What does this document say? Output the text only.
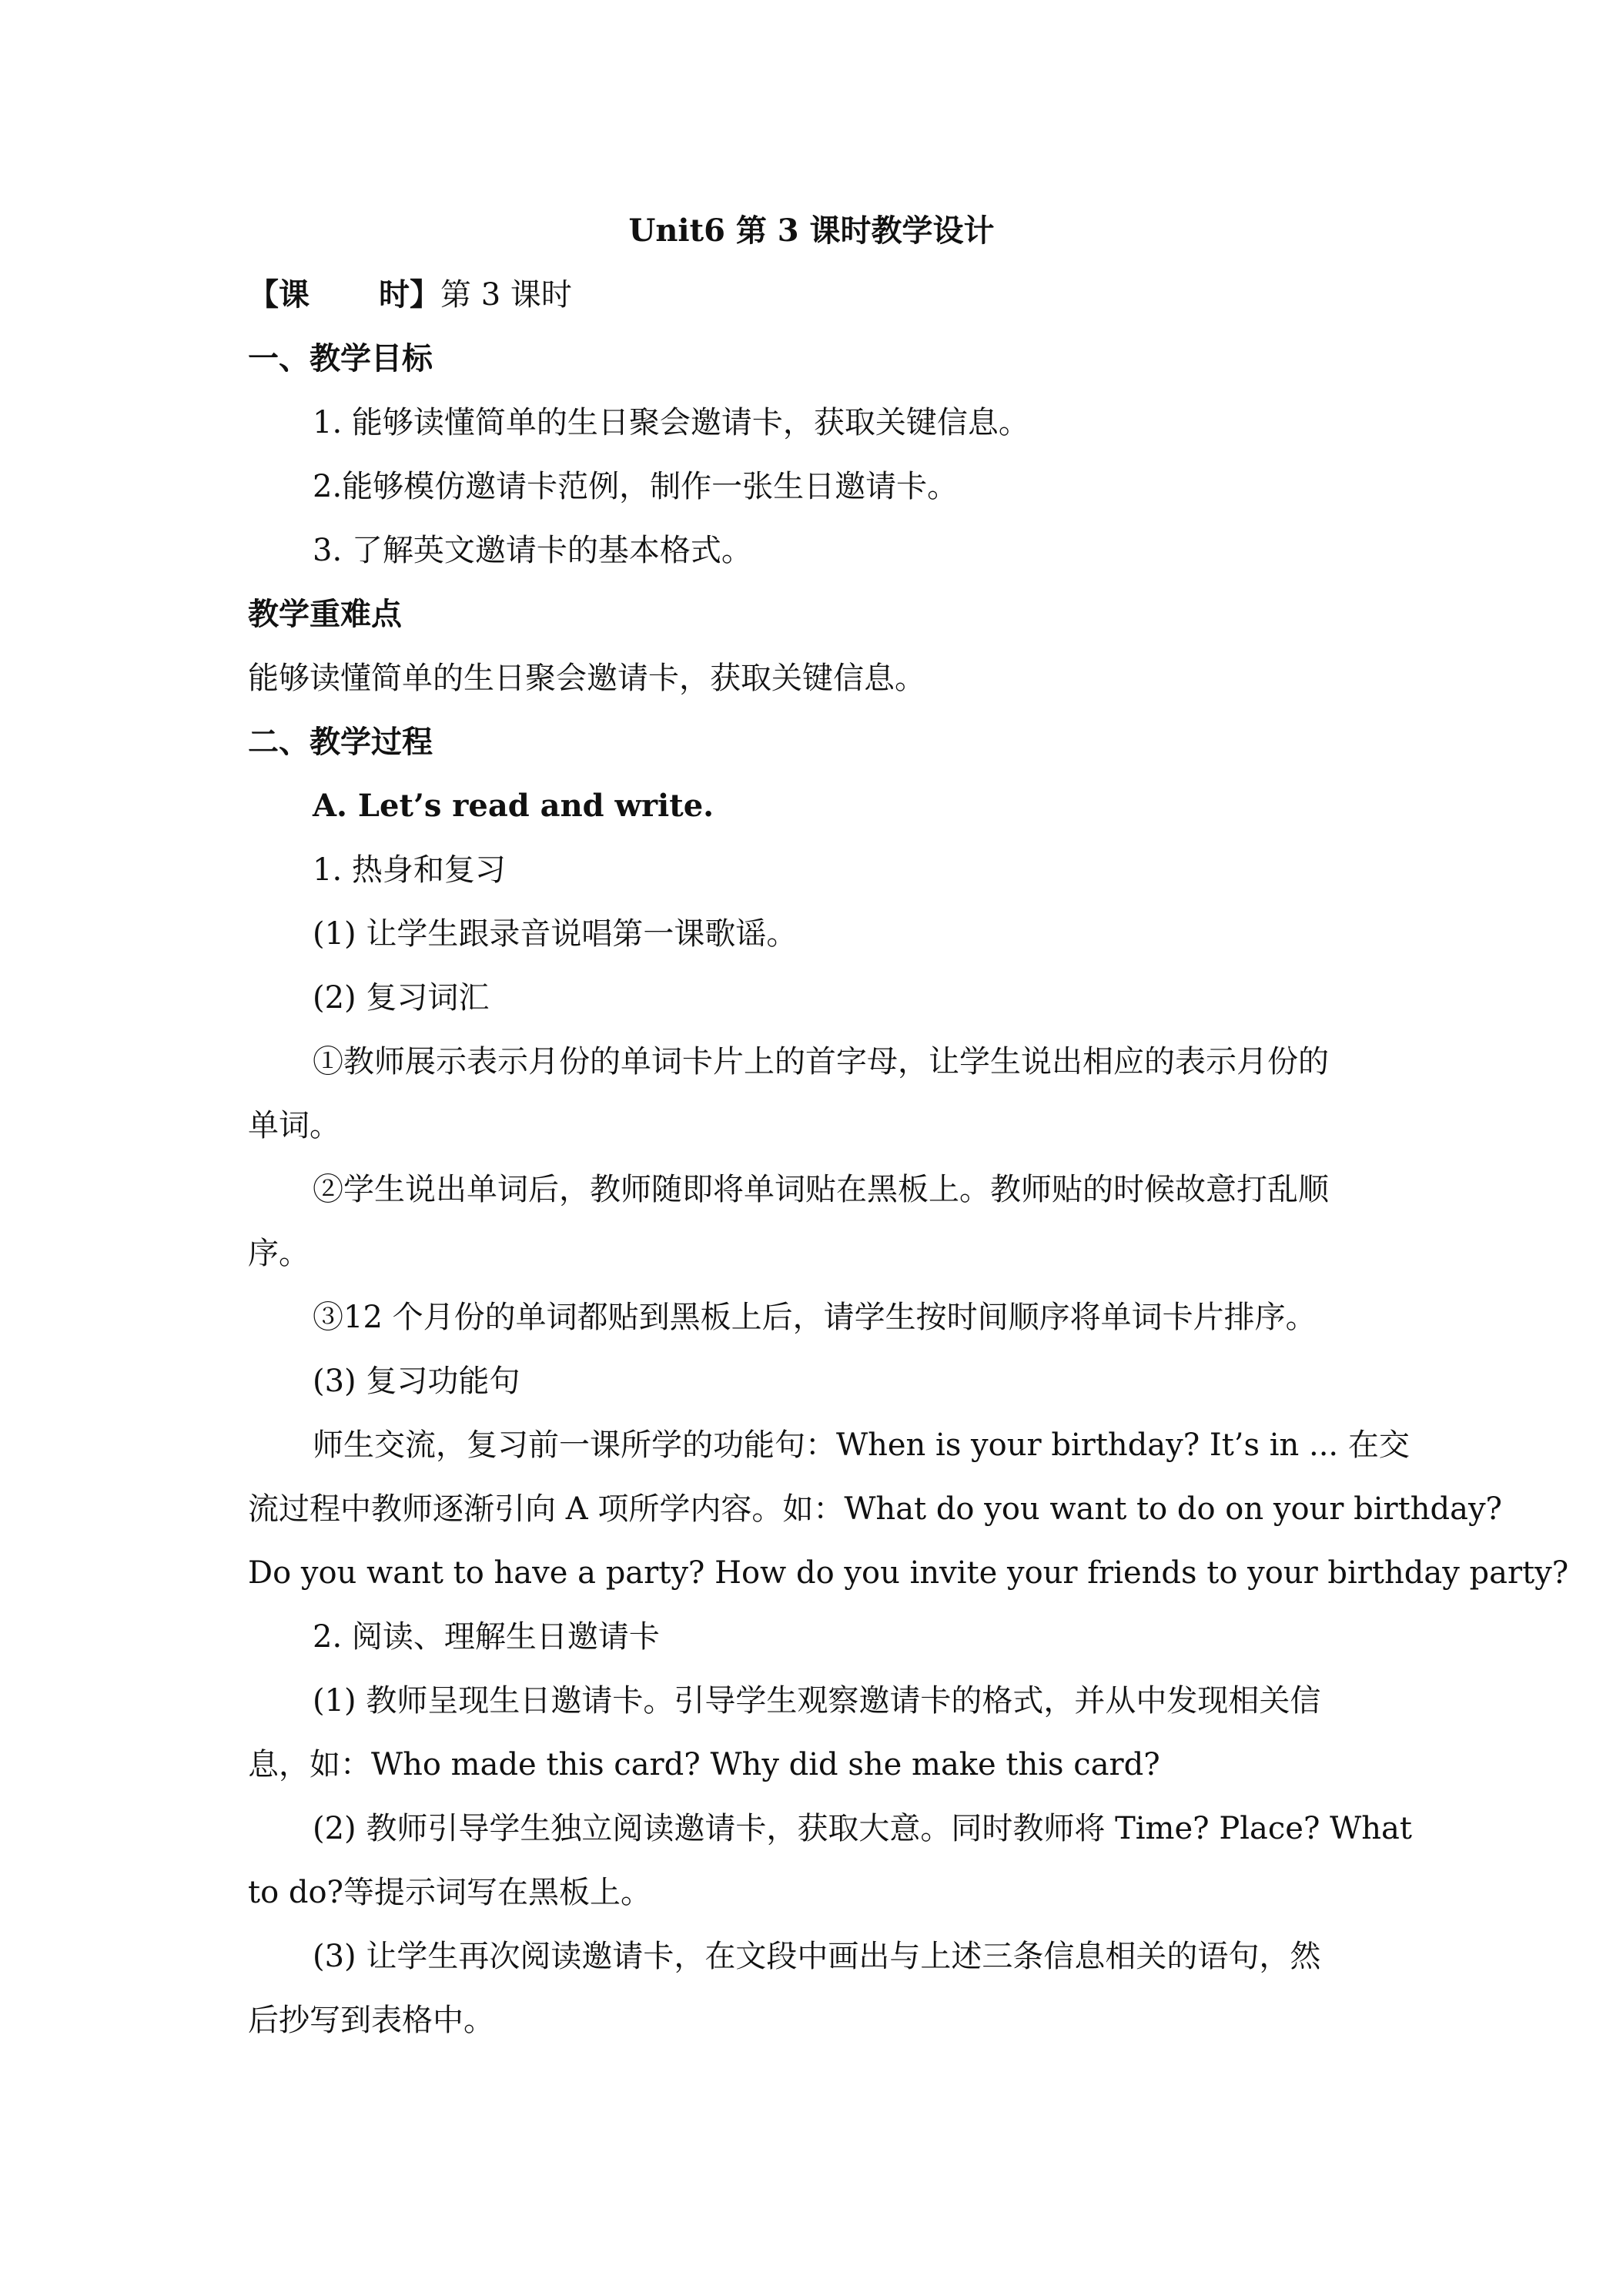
Unit6 第 3 课时教学设计
【课 时】第 3 课时
一、教学目标
1. 能够读懂简单的生日聚会邀请卡，获取关键信息。
2.能够模仿邀请卡范例，制作一张生日邀请卡。
3. 了解英文邀请卡的基本格式。
教学重难点
能够读懂简单的生日聚会邀请卡，获取关键信息。
二、教学过程
A. Let’s read and write.
1. 热身和复习
(1) 让学生跟录音说唱第一课歌谣。
(2) 复习词汇
①教师展示表示月份的单词卡片上的首字母，让学生说出相应的表示月份的
单词。
②学生说出单词后，教师随即将单词贴在黑板上。教师贴的时候故意打乱顺
序。
③12 个月份的单词都贴到黑板上后，请学生按时间顺序将单词卡片排序。
(3) 复习功能句
师生交流，复习前一课所学的功能句：When is your birthday? It’s in ... 在交
流过程中教师逐渐引向 A 项所学内容。如：What do you want to do on your birthday?
Do you want to have a party? How do you invite your friends to your birthday party?
2. 阅读、理解生日邀请卡
(1) 教师呈现生日邀请卡。引导学生观察邀请卡的格式，并从中发现相关信
息，如：Who made this card? Why did she make this card?
(2) 教师引导学生独立阅读邀请卡，获取大意。同时教师将 Time? Place? What
to do?等提示词写在黑板上。
(3) 让学生再次阅读邀请卡，在文段中画出与上述三条信息相关的语句，然
后抄写到表格中。
